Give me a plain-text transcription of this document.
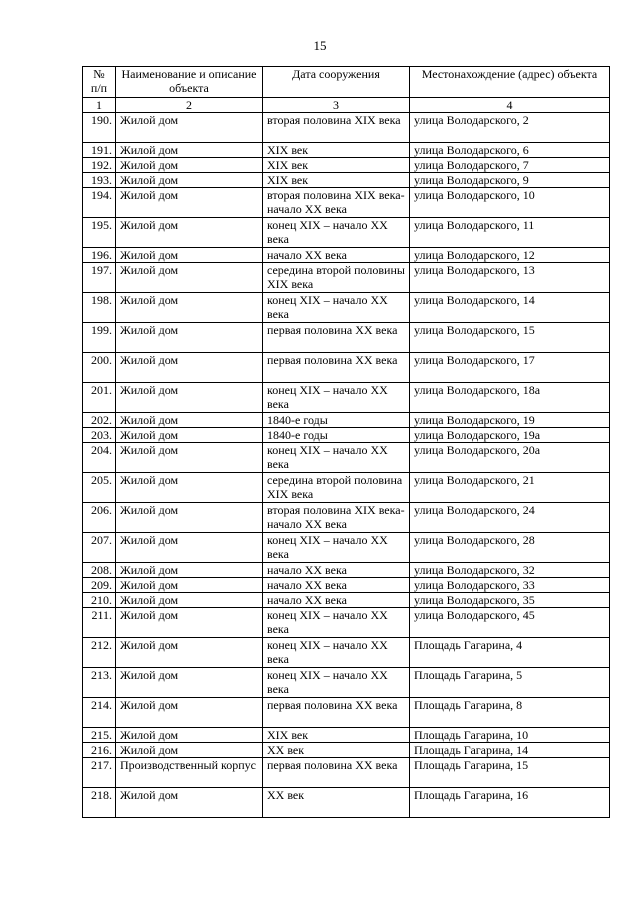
15
№ п/п	Наименование и описание объекта	Дата сооружения	Местонахождение (адрес) объекта
1	2	3	4
190.	Жилой дом	вторая половина XIX века	улица Володарского, 2
191.	Жилой дом	XIX век	улица Володарского, 6
192.	Жилой дом	XIX век	улица Володарского, 7
193.	Жилой дом	XIX век	улица Володарского, 9
194.	Жилой дом	вторая половина XIX века- начало XX века	улица Володарского, 10
195.	Жилой дом	конец XIX – начало XX века	улица Володарского, 11
196.	Жилой дом	начало XX века	улица Володарского, 12
197.	Жилой дом	середина второй половины XIX века	улица Володарского, 13
198.	Жилой дом	конец XIX – начало XX века	улица Володарского, 14
199.	Жилой дом	первая половина XX века	улица Володарского, 15
200.	Жилой дом	первая половина XX века	улица Володарского, 17
201.	Жилой дом	конец XIX – начало XX века	улица Володарского, 18а
202.	Жилой дом	1840-е годы	улица Володарского, 19
203.	Жилой дом	1840-е годы	улица Володарского, 19а
204.	Жилой дом	конец XIX – начало XX века	улица Володарского, 20а
205.	Жилой дом	середина второй половина XIX века	улица Володарского, 21
206.	Жилой дом	вторая половина XIX века- начало XX века	улица Володарского, 24
207.	Жилой дом	конец XIX – начало XX века	улица Володарского, 28
208.	Жилой дом	начало XX века	улица Володарского, 32
209.	Жилой дом	начало XX века	улица Володарского, 33
210.	Жилой дом	начало XX века	улица Володарского, 35
211.	Жилой дом	конец XIX – начало XX века	улица Володарского, 45
212.	Жилой дом	конец XIX – начало XX века	Площадь Гагарина, 4
213.	Жилой дом	конец XIX – начало XX века	Площадь Гагарина, 5
214.	Жилой дом	первая половина XX века	Площадь Гагарина, 8
215.	Жилой дом	XIX век	Площадь Гагарина, 10
216.	Жилой дом	XX век	Площадь Гагарина, 14
217.	Производственный корпус	первая половина XX века	Площадь Гагарина, 15
218.	Жилой дом	XX век	Площадь Гагарина, 16
